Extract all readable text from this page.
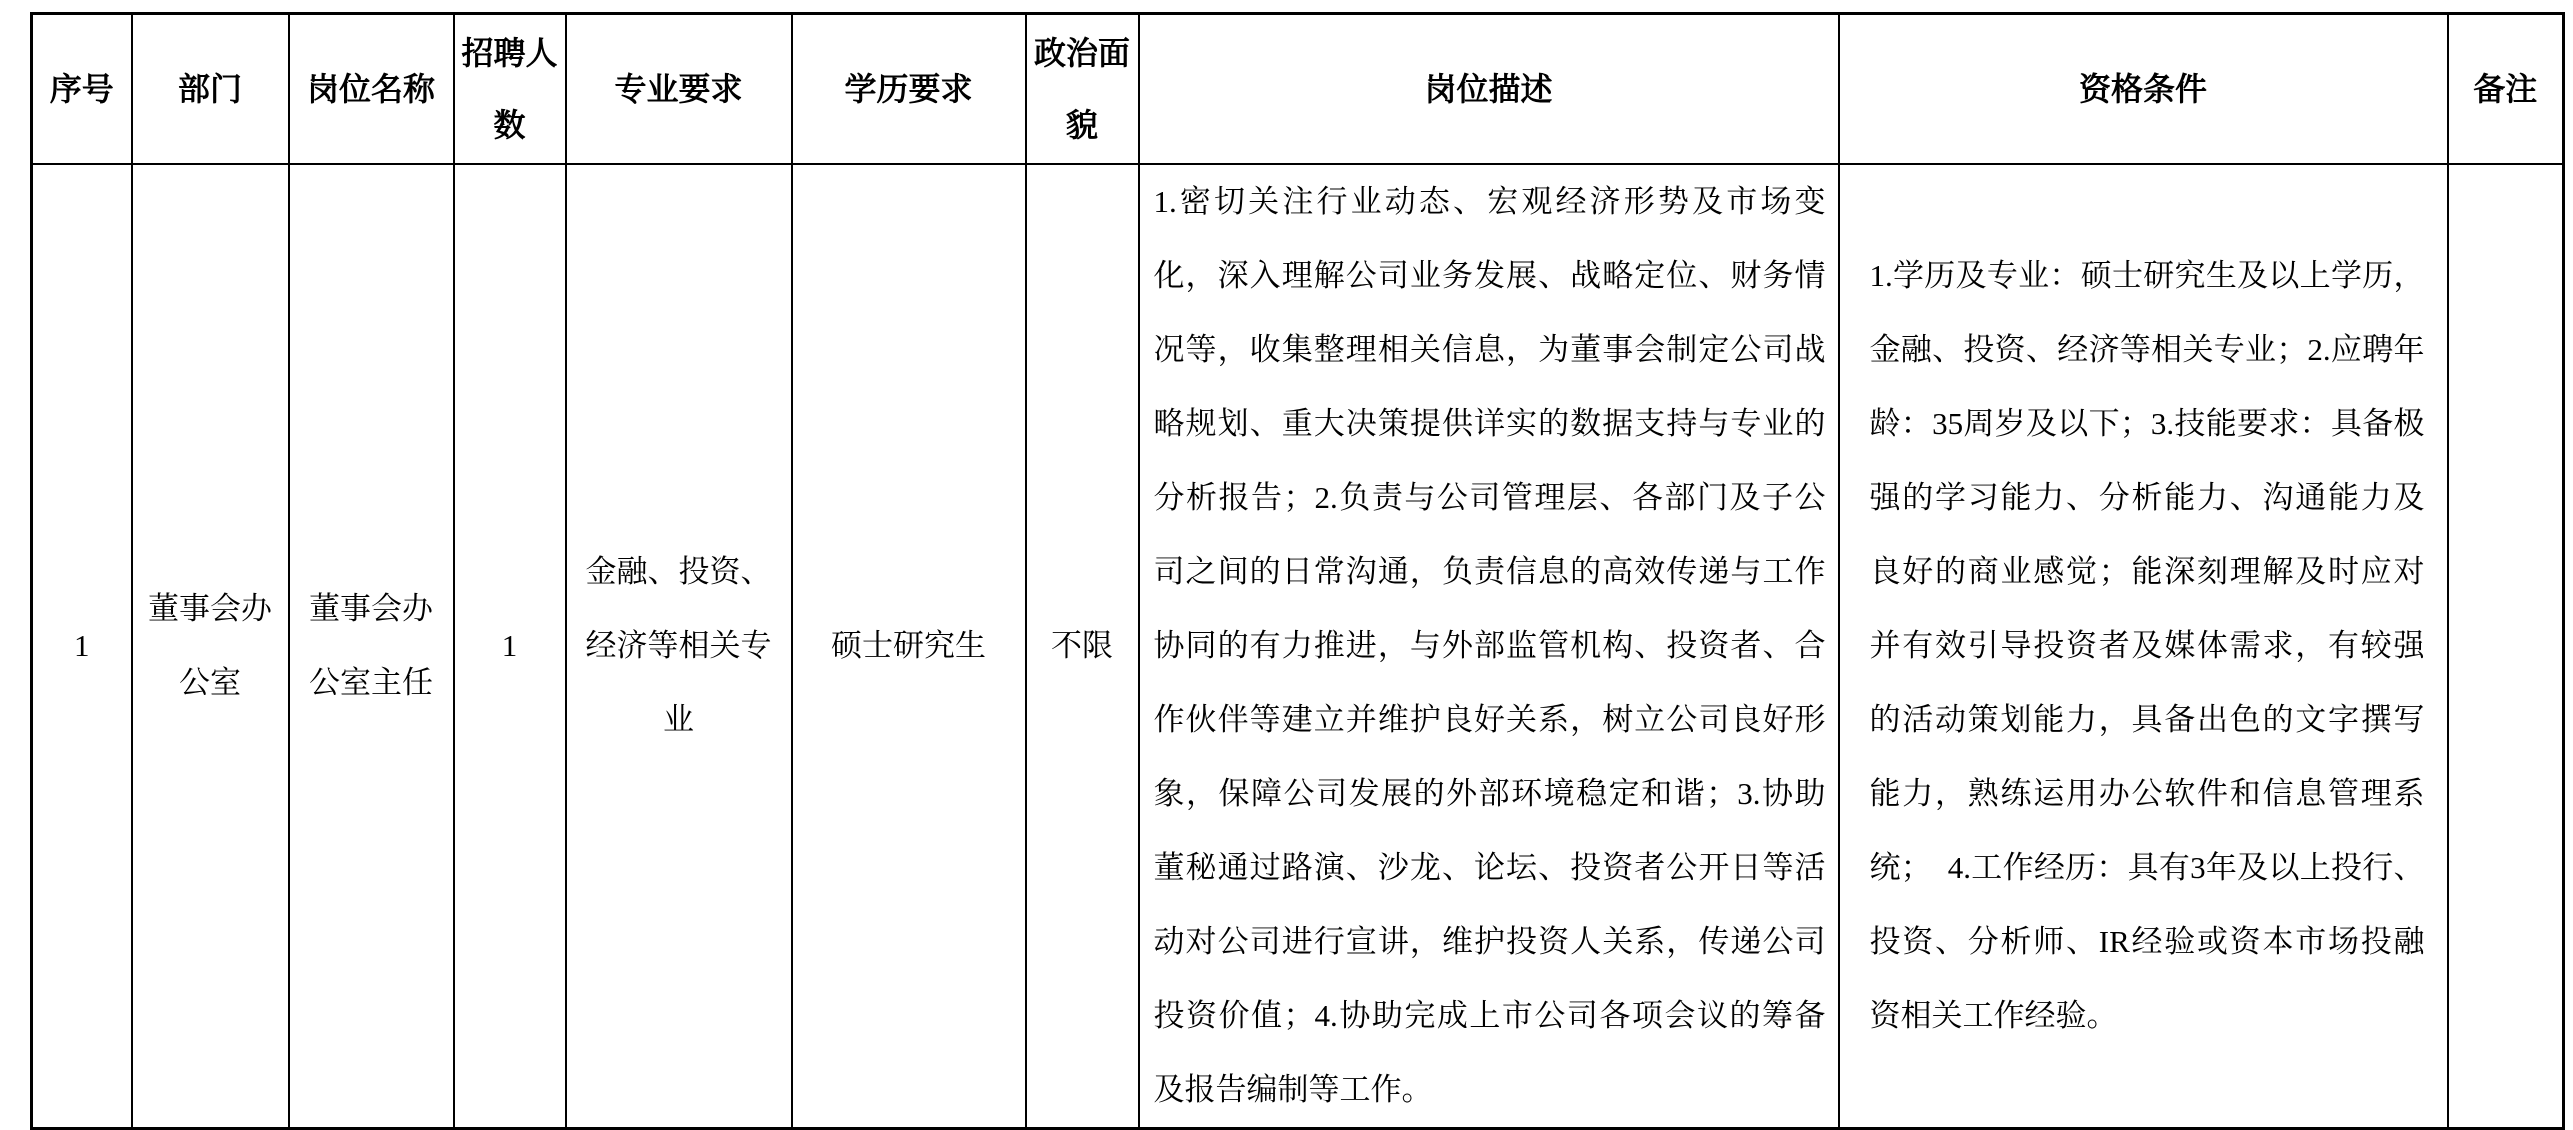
序号	部门	岗位名称	招聘人数	专业要求	学历要求	政治面貌	岗位描述	资格条件	备注
1	董事会办公室	董事会办公室主任	1	金融、投资、经济等相关专业	硕士研究生	不限	1.密切关注行业动态、宏观经济形势及市场变化，深入理解公司业务发展、战略定位、财务情况等，收集整理相关信息，为董事会制定公司战略规划、重大决策提供详实的数据支持与专业的分析报告；2.负责与公司管理层、各部门及子公司之间的日常沟通，负责信息的高效传递与工作协同的有力推进，与外部监管机构、投资者、合作伙伴等建立并维护良好关系，树立公司良好形象，保障公司发展的外部环境稳定和谐；3.协助董秘通过路演、沙龙、论坛、投资者公开日等活动对公司进行宣讲，维护投资人关系，传递公司投资价值；4.协助完成上市公司各项会议的筹备及报告编制等工作。	1.学历及专业：硕士研究生及以上学历，金融、投资、经济等相关专业；2.应聘年龄：35周岁及以下；3.技能要求：具备极强的学习能力、分析能力、沟通能力及良好的商业感觉；能深刻理解及时应对并有效引导投资者及媒体需求，有较强的活动策划能力，具备出色的文字撰写能力，熟练运用办公软件和信息管理系统；  4.工作经历：具有3年及以上投行、投资、分析师、IR经验或资本市场投融资相关工作经验。	
